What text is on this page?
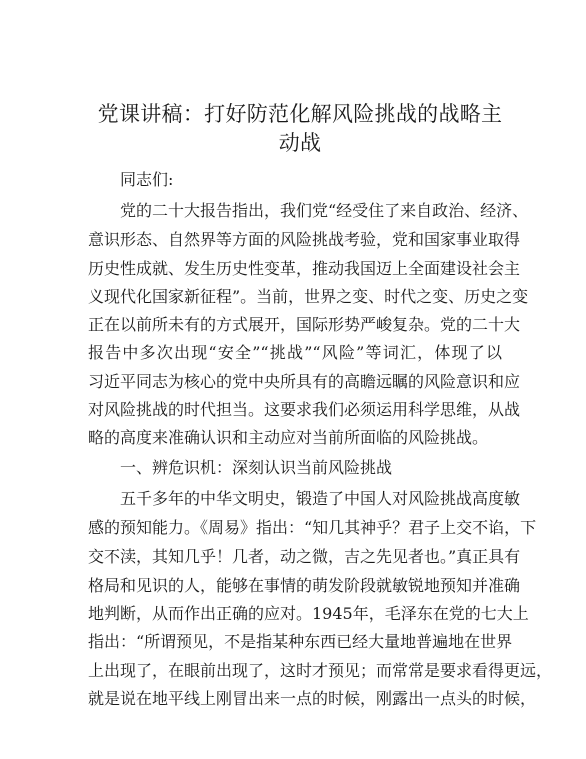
党课讲稿：打好防范化解风险挑战的战略主动战

同志们:

党的二十大报告指出，我们党“经受住了来自政治、经济、

意识形态、自然界等方面的风险挑战考验，党和国家事业取得

历史性成就、发生历史性变革，推动我国迈上全面建设社会主

义现代化国家新征程”。当前，世界之变、时代之变、历史之变

正在以前所未有的方式展开，国际形势严峻复杂。党的二十大

报告中多次出现“安全”“挑战”“风险”等词汇，体现了以

习近平同志为核心的党中央所具有的高瞻远瞩的风险意识和应

对风险挑战的时代担当。这要求我们必须运用科学思维，从战

略的高度来准确认识和主动应对当前所面临的风险挑战。

一、辨危识机：深刻认识当前风险挑战

五千多年的中华文明史，锻造了中国人对风险挑战高度敏

感的预知能力。《周易》指出：“知几其神乎？君子上交不谄，下

交不渎，其知几乎！几者，动之微，吉之先见者也。”真正具有

格局和见识的人，能够在事情的萌发阶段就敏锐地预知并准确

地判断，从而作出正确的应对。1945年，毛泽东在党的七大上

指出：“所谓预见，不是指某种东西已经大量地普遍地在世界

上出现了，在眼前出现了，这时才预见；而常常是要求看得更远，

就是说在地平线上刚冒出来一点的时候，刚露出一点头的时候，
